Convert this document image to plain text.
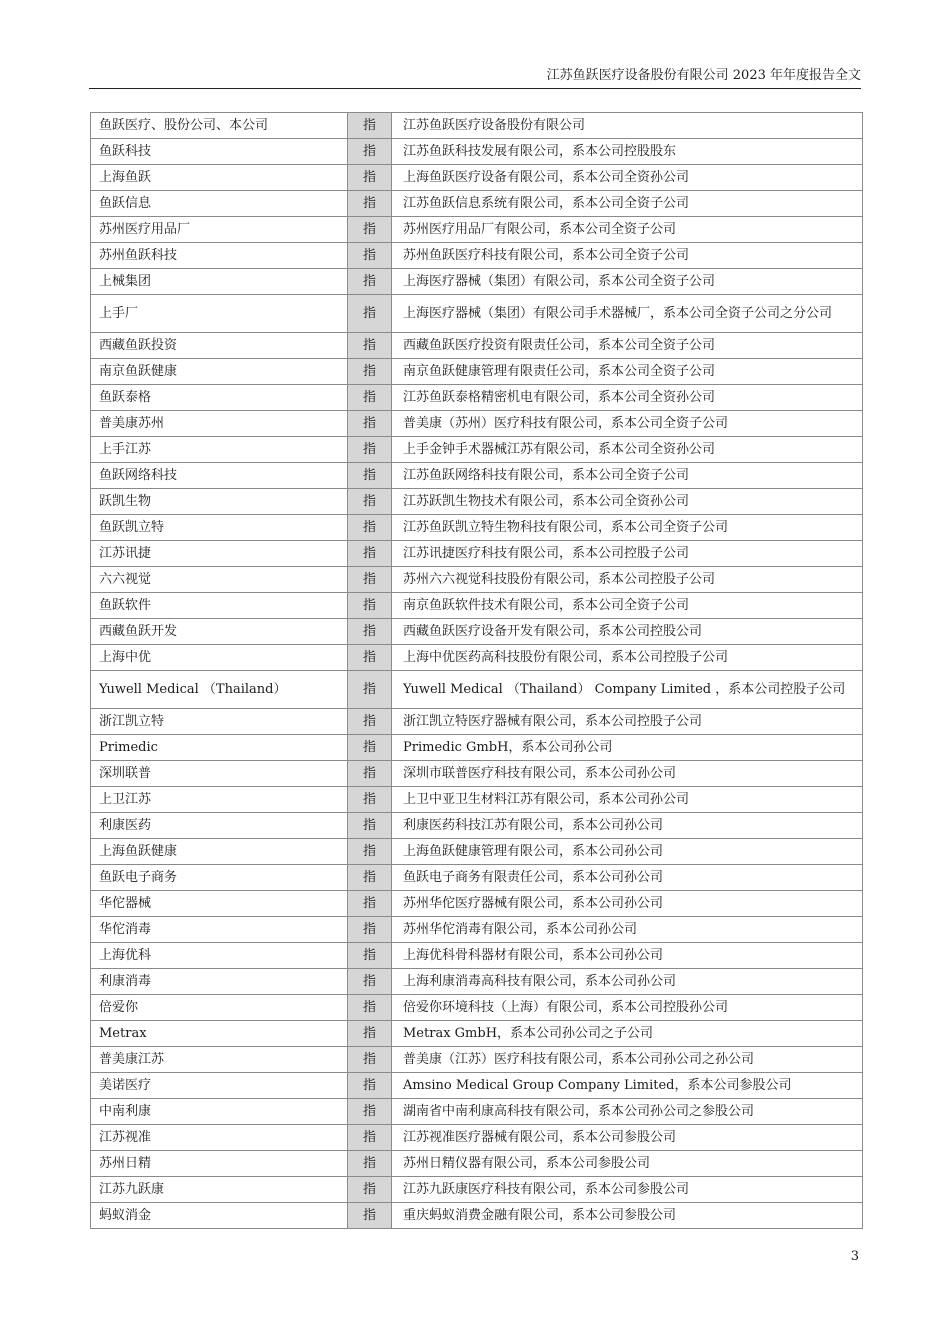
江苏鱼跃医疗设备股份有限公司 2023 年年度报告全文
鱼跃医疗、股份公司、本公司	指	江苏鱼跃医疗设备股份有限公司
鱼跃科技	指	江苏鱼跃科技发展有限公司，系本公司控股股东
上海鱼跃	指	上海鱼跃医疗设备有限公司，系本公司全资孙公司
鱼跃信息	指	江苏鱼跃信息系统有限公司，系本公司全资子公司
苏州医疗用品厂	指	苏州医疗用品厂有限公司，系本公司全资子公司
苏州鱼跃科技	指	苏州鱼跃医疗科技有限公司，系本公司全资子公司
上械集团	指	上海医疗器械（集团）有限公司，系本公司全资子公司
上手厂	指	上海医疗器械（集团）有限公司手术器械厂，系本公司全资子公司之分公司
西藏鱼跃投资	指	西藏鱼跃医疗投资有限责任公司，系本公司全资子公司
南京鱼跃健康	指	南京鱼跃健康管理有限责任公司，系本公司全资子公司
鱼跃泰格	指	江苏鱼跃泰格精密机电有限公司，系本公司全资孙公司
普美康苏州	指	普美康（苏州）医疗科技有限公司，系本公司全资子公司
上手江苏	指	上手金钟手术器械江苏有限公司，系本公司全资孙公司
鱼跃网络科技	指	江苏鱼跃网络科技有限公司，系本公司全资子公司
跃凯生物	指	江苏跃凯生物技术有限公司，系本公司全资孙公司
鱼跃凯立特	指	江苏鱼跃凯立特生物科技有限公司，系本公司全资子公司
江苏讯捷	指	江苏讯捷医疗科技有限公司，系本公司控股子公司
六六视觉	指	苏州六六视觉科技股份有限公司，系本公司控股子公司
鱼跃软件	指	南京鱼跃软件技术有限公司，系本公司全资子公司
西藏鱼跃开发	指	西藏鱼跃医疗设备开发有限公司，系本公司控股公司
上海中优	指	上海中优医药高科技股份有限公司，系本公司控股子公司
Yuwell Medical （Thailand）	指	Yuwell Medical （Thailand） Company Limited ，系本公司控股子公司
浙江凯立特	指	浙江凯立特医疗器械有限公司，系本公司控股子公司
Primedic	指	Primedic GmbH，系本公司孙公司
深圳联普	指	深圳市联普医疗科技有限公司，系本公司孙公司
上卫江苏	指	上卫中亚卫生材料江苏有限公司，系本公司孙公司
利康医药	指	利康医药科技江苏有限公司，系本公司孙公司
上海鱼跃健康	指	上海鱼跃健康管理有限公司，系本公司孙公司
鱼跃电子商务	指	鱼跃电子商务有限责任公司，系本公司孙公司
华佗器械	指	苏州华佗医疗器械有限公司，系本公司孙公司
华佗消毒	指	苏州华佗消毒有限公司，系本公司孙公司
上海优科	指	上海优科骨科器材有限公司，系本公司孙公司
利康消毒	指	上海利康消毒高科技有限公司，系本公司孙公司
倍爱你	指	倍爱你环境科技（上海）有限公司，系本公司控股孙公司
Metrax	指	Metrax GmbH，系本公司孙公司之子公司
普美康江苏	指	普美康（江苏）医疗科技有限公司，系本公司孙公司之孙公司
美诺医疗	指	Amsino Medical Group Company Limited，系本公司参股公司
中南利康	指	湖南省中南利康高科技有限公司，系本公司孙公司之参股公司
江苏视准	指	江苏视准医疗器械有限公司，系本公司参股公司
苏州日精	指	苏州日精仪器有限公司，系本公司参股公司
江苏九跃康	指	江苏九跃康医疗科技有限公司，系本公司参股公司
蚂蚁消金	指	重庆蚂蚁消费金融有限公司，系本公司参股公司
3
